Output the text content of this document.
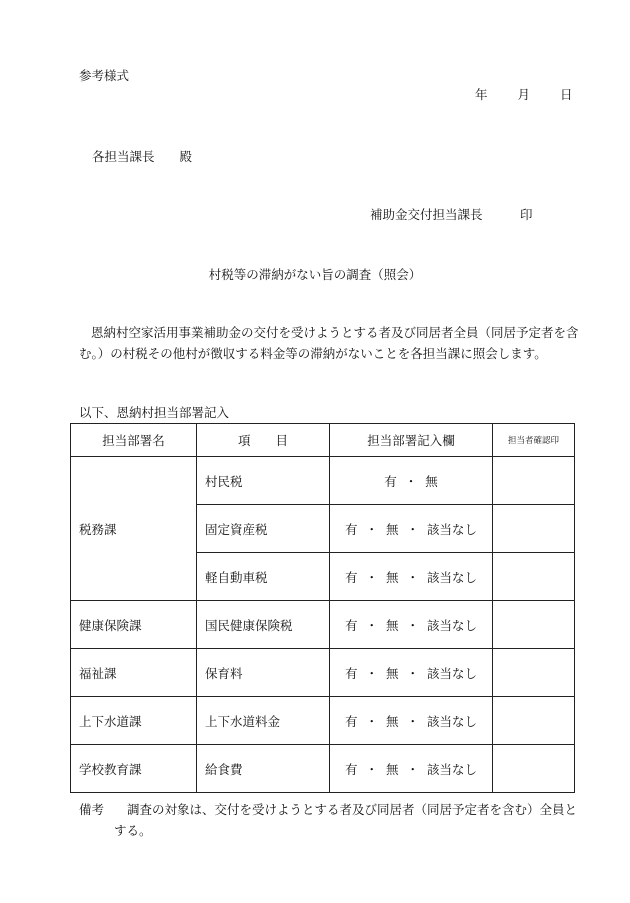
参考様式
年 月 日
各担当課長　　殿
補助金交付担当課長　　　印
村税等の滞納がない旨の調査（照会）
恩納村空家活用事業補助金の交付を受けようとする者及び同居者全員（同居予定者を含む。）の村税その他村が徴収する料金等の滞納がないことを各担当課に照会します。
以下、恩納村担当部署記入
担当部署名	項　　目	担当部署記入欄	担当者確認印
税務課	村民税	有 ・ 無	
	固定資産税	有 ・ 無 ・ 該当なし	
	軽自動車税	有 ・ 無 ・ 該当なし	
健康保険課	国民健康保険税	有 ・ 無 ・ 該当なし	
福祉課	保育料	有 ・ 無 ・ 該当なし	
上下水道課	上下水道料金	有 ・ 無 ・ 該当なし	
学校教育課	給食費	有 ・ 無 ・ 該当なし	
備考 調査の対象は、交付を受けようとする者及び同居者（同居予定者を含む）全員と
する。
